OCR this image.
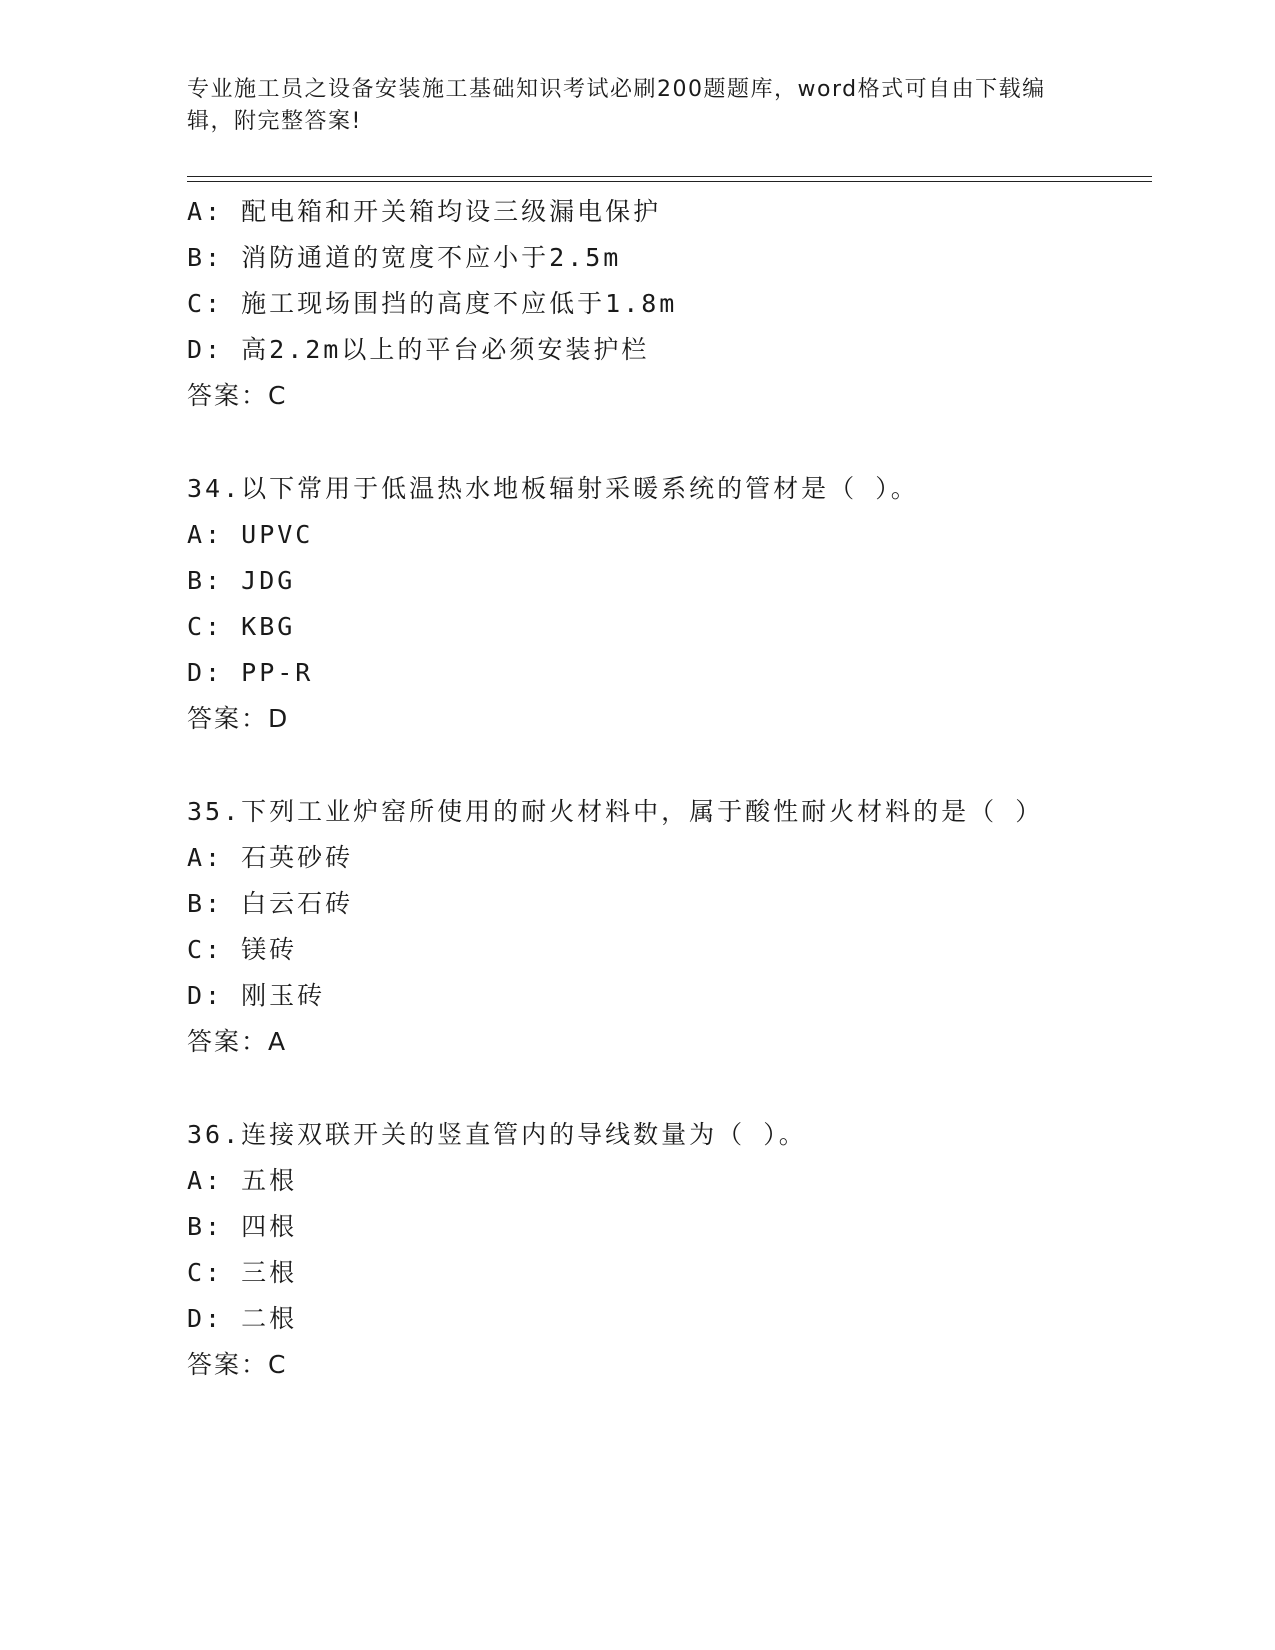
专业施工员之设备安装施工基础知识考试必刷200题题库，word格式可自由下载编辑，附完整答案!

A: 配电箱和开关箱均设三级漏电保护
B: 消防通道的宽度不应小于2.5m
C: 施工现场围挡的高度不应低于1.8m
D: 高2.2m以上的平台必须安装护栏
答案：C
34.以下常用于低温热水地板辐射采暖系统的管材是（ ）。
A: UPVC
B: JDG
C: KBG
D: PP-R
答案：D
35.下列工业炉窑所使用的耐火材料中，属于酸性耐火材料的是（ ）
A: 石英砂砖
B: 白云石砖
C: 镁砖
D: 刚玉砖
答案：A
36.连接双联开关的竖直管内的导线数量为（ ）。
A: 五根
B: 四根
C: 三根
D: 二根
答案：C
